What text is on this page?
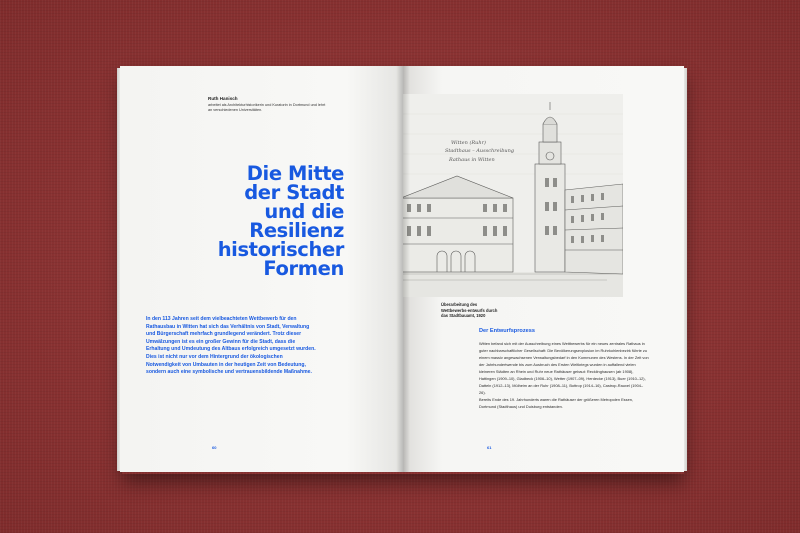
Ruth Hanisch
arbeitet als Architekturhistorikerin und Kuratorin in Dortmund und lehrt an verschiedenen Universitäten.
Die Mitte
der Stadt
und die
Resilienz
historischer
Formen
In den 113 Jahren seit dem vielbeachteten Wettbewerb für den Rathausbau in Witten hat sich das Verhältnis von Stadt, Verwaltung und Bürgerschaft mehrfach grundlegend verändert. Trotz dieser Umwälzungen ist es ein großer Gewinn für die Stadt, dass die Erhaltung und Umdeutung des Altbaus erfolgreich umgesetzt wurden. Dies ist nicht nur vor dem Hintergrund der ökologischen Notwendigkeit von Umbauten in der heutigen Zeit von Bedeutung, sondern auch eine symbolische und vertrauensbildende Maßnahme.
60
Witten (Ruhr)
Stadthaus – Ausschreibung
Rathaus in Witten
Überarbeitung des Wettbewerbs-entwurfs durch das Stadtbauamt, 1920
Der Entwurfsprozess

Witten befand sich mit der Ausschreibung eines Wettbewerbs für ein neues zentrales Rathaus in guter nachbarschaftlicher Gesellschaft: Die Bevölkerungsexplosion im Ruhrkohlenbezirk führte zu einem massiv angewachsenen Verwaltungsbedarf in den Kommunen des Westens. In der Zeit von der Jahrhundertwende bis zum Ausbruch des Ersten Weltkriegs wurden in auffallend vielen kleineren Städten an Rhein und Ruhr neue Rathäuser gebaut: Recklinghausen (ab 1908), Hattingen (1909–10), Gladbeck (1906–10), Wetter (1907–09), Herdecke (1913), Buer (1910–12), Datteln (1912–13), Mülheim an der Ruhr (1908–11), Bottrop (1914–16), Castrop-Rauxel (1904–26).

Bereits Ende des 19. Jahrhunderts waren die Rathäuser der größeren Metropolen Essen, Dortmund (Stadthaus) und Duisburg entstanden.

61
